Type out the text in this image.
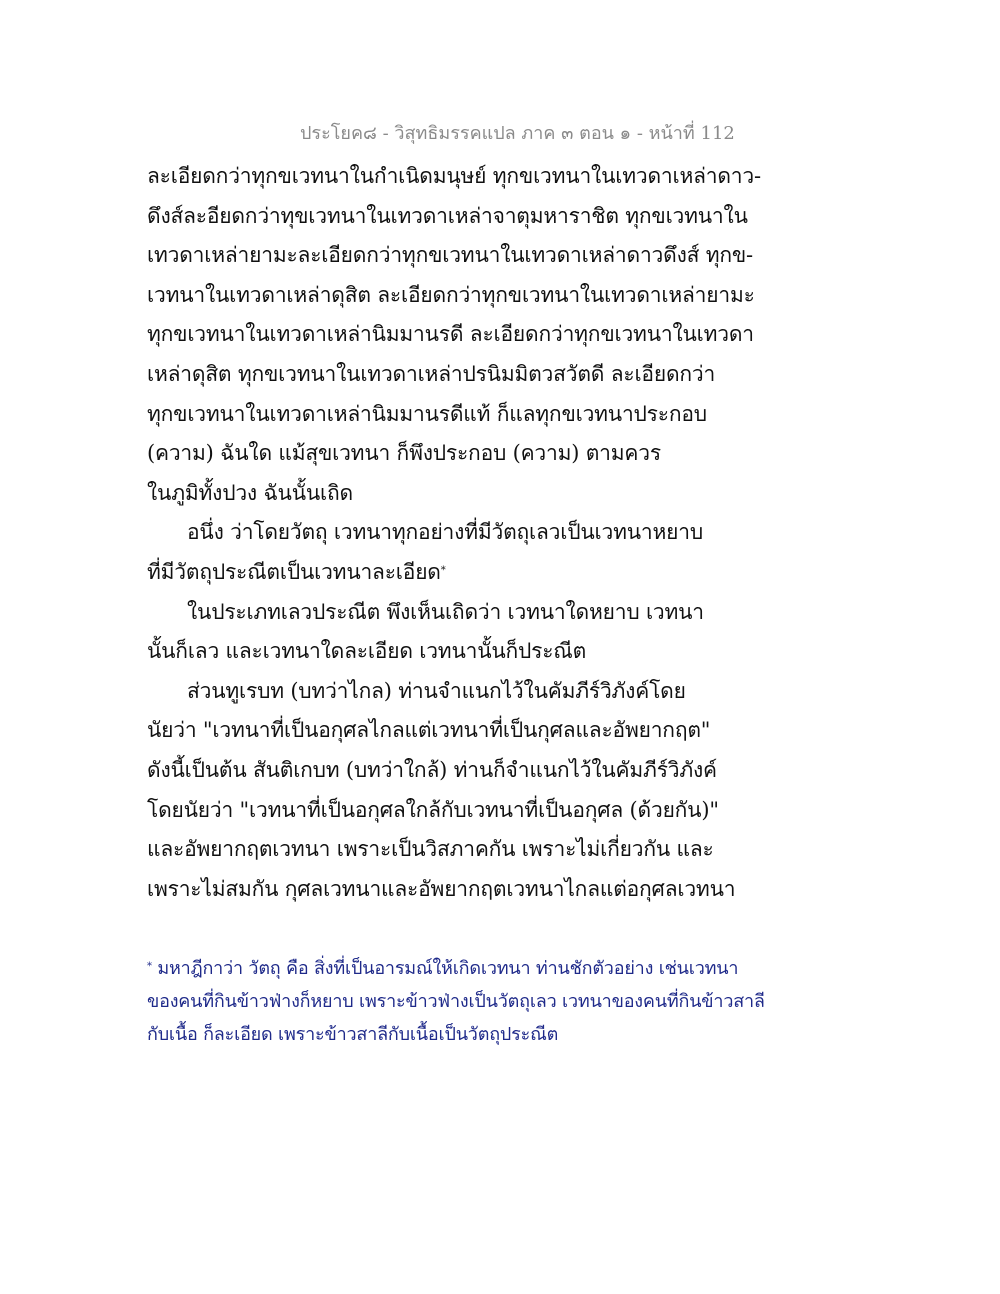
ประโยค๘ - วิสุทธิมรรคแปล ภาค ๓ ตอน ๑ - หน้าที่ 112
ละเอียดกว่าทุกขเวทนาในกำเนิดมนุษย์ ทุกขเวทนาในเทวดาเหล่าดาว-
ดึงส์ละอียดกว่าทุขเวทนาในเทวดาเหล่าจาตุมหาราชิต ทุกขเวทนาใน
เทวดาเหล่ายามะละเอียดกว่าทุกขเวทนาในเทวดาเหล่าดาวดึงส์ ทุกข-
เวทนาในเทวดาเหล่าดุสิต ละเอียดกว่าทุกขเวทนาในเทวดาเหล่ายามะ
ทุกขเวทนาในเทวดาเหล่านิมมานรดี ละเอียดกว่าทุกขเวทนาในเทวดา
เหล่าดุสิต ทุกขเวทนาในเทวดาเหล่าปรนิมมิตวสวัตดี ละเอียดกว่า
ทุกขเวทนาในเทวดาเหล่านิมมานรดีแท้ ก็แลทุกขเวทนาประกอบ
(ความ) ฉันใด แม้สุขเวทนา ก็พึงประกอบ (ความ) ตามควร
ในภูมิทั้งปวง ฉันนั้นเถิด
อนึ่ง ว่าโดยวัตถุ เวทนาทุกอย่างที่มีวัตถุเลวเป็นเวทนาหยาบ
ที่มีวัตถุประณีตเป็นเวทนาละเอียด*
ในประเภทเลวประณีต พึงเห็นเถิดว่า เวทนาใดหยาบ เวทนา
นั้นก็เลว และเวทนาใดละเอียด เวทนานั้นก็ประณีต
ส่วนทูเรบท (บทว่าไกล) ท่านจำแนกไว้ในคัมภีร์วิภังค์โดย
นัยว่า "เวทนาที่เป็นอกุศลไกลแต่เวทนาที่เป็นกุศลและอัพยากฤต"
ดังนี้เป็นต้น สันติเกบท (บทว่าใกล้) ท่านก็จำแนกไว้ในคัมภีร์วิภังค์
โดยนัยว่า "เวทนาที่เป็นอกุศลใกล้กับเวทนาที่เป็นอกุศล (ด้วยกัน)"
และอัพยากฤตเวทนา เพราะเป็นวิสภาคกัน เพราะไม่เกี่ยวกัน และ
เพราะไม่สมกัน กุศลเวทนาและอัพยากฤตเวทนาไกลแต่อกุศลเวทนา
* มหาฎีกาว่า วัตถุ คือ สิ่งที่เป็นอารมณ์ให้เกิดเวทนา ท่านชักตัวอย่าง เช่นเวทนา
ของคนที่กินข้าวฟ่างก็หยาบ เพราะข้าวฟ่างเป็นวัตถุเลว เวทนาของคนที่กินข้าวสาลี
กับเนื้อ ก็ละเอียด เพราะข้าวสาลีกับเนื้อเป็นวัตถุประณีต
